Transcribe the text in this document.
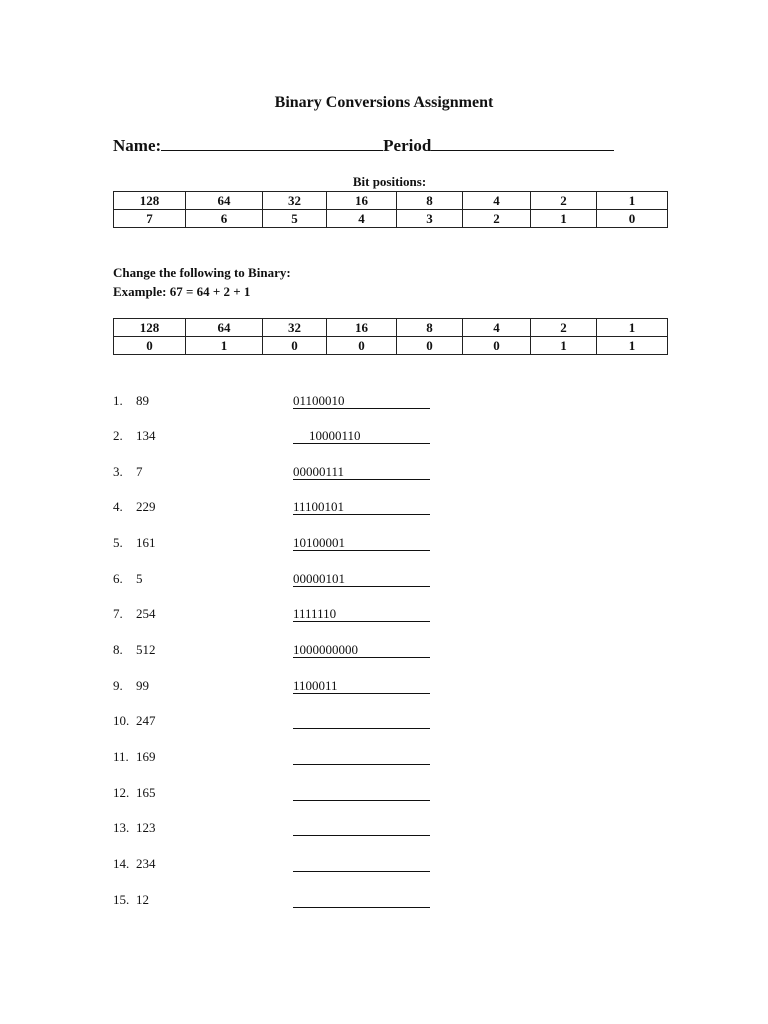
Binary Conversions Assignment
Name:	Period
Bit positions:
128	64	32	16	8	4	2	1
7	6	5	4	3	2	1	0
Change the following to Binary:
Example: 67 = 64 + 2 + 1
128	64	32	16	8	4	2	1
0	1	0	0	0	0	1	1
1. 89	01100010
2. 134	10000110
3. 7	00000111
4. 229	11100101
5. 161	10100001
6. 5	00000101
7. 254	1111110
8. 512	1000000000
9. 99	1100011
10. 247
11. 169
12. 165
13. 123
14. 234
15. 12
